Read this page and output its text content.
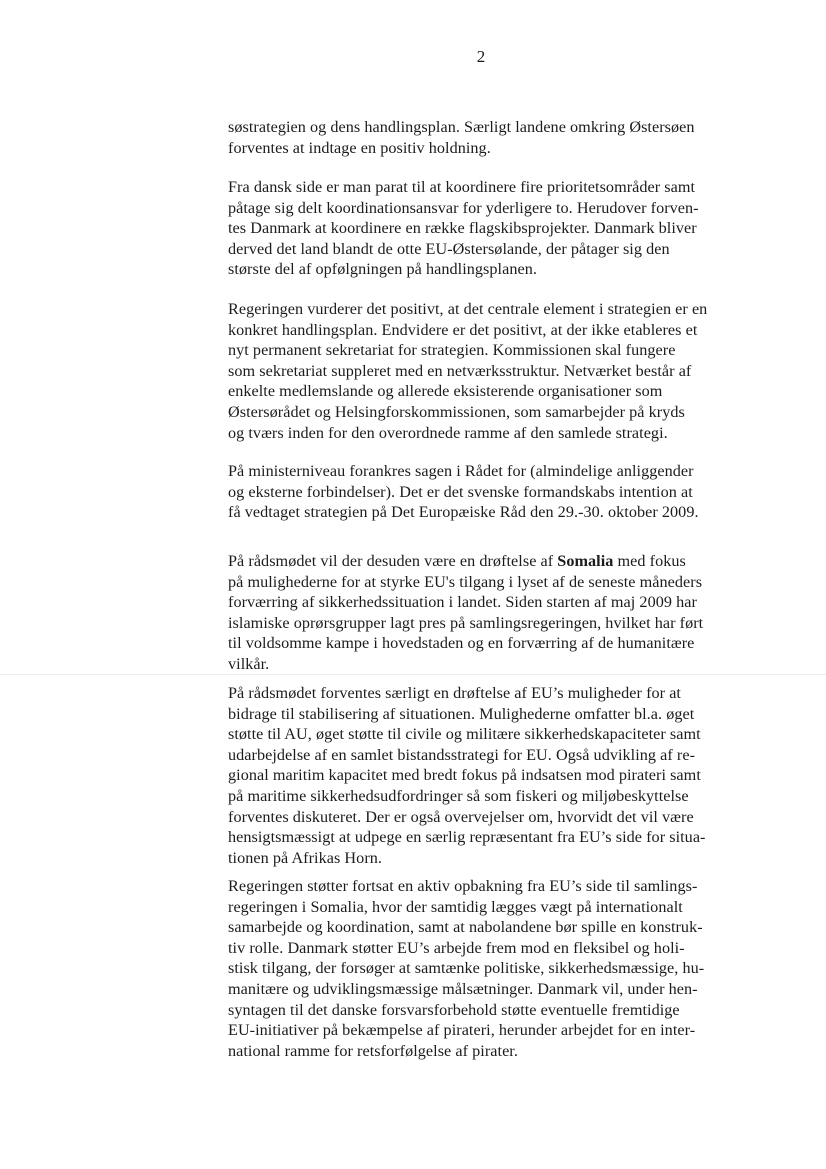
2

søstrategien og dens handlingsplan. Særligt landene omkring Østersøen
forventes at indtage en positiv holdning.

Fra dansk side er man parat til at koordinere fire prioritetsområder samt
påtage sig delt koordinationsansvar for yderligere to. Herudover forven-
tes Danmark at koordinere en række flagskibsprojekter. Danmark bliver
derved det land blandt de otte EU-Østersølande, der påtager sig den
største del af opfølgningen på handlingsplanen.

Regeringen vurderer det positivt, at det centrale element i strategien er en
konkret handlingsplan. Endvidere er det positivt, at der ikke etableres et
nyt permanent sekretariat for strategien. Kommissionen skal fungere
som sekretariat suppleret med en netværksstruktur. Netværket består af
enkelte medlemslande og allerede eksisterende organisationer som
Østersørådet og Helsingforskommissionen, som samarbejder på kryds
og tværs inden for den overordnede ramme af den samlede strategi.

På ministerniveau forankres sagen i Rådet for (almindelige anliggender
og eksterne forbindelser). Det er det svenske formandskabs intention at
få vedtaget strategien på Det Europæiske Råd den 29.-30. oktober 2009.

På rådsmødet vil der desuden være en drøftelse af Somalia med fokus
på mulighederne for at styrke EU's tilgang i lyset af de seneste måneders
forværring af sikkerhedssituation i landet. Siden starten af maj 2009 har
islamiske oprørsgrupper lagt pres på samlingsregeringen, hvilket har ført
til voldsomme kampe i hovedstaden og en forværring af de humanitære
vilkår.

På rådsmødet forventes særligt en drøftelse af EU’s muligheder for at
bidrage til stabilisering af situationen. Mulighederne omfatter bl.a. øget
støtte til AU, øget støtte til civile og militære sikkerhedskapaciteter samt
udarbejdelse af en samlet bistandsstrategi for EU. Også udvikling af re-
gional maritim kapacitet med bredt fokus på indsatsen mod pirateri samt
på maritime sikkerhedsudfordringer så som fiskeri og miljøbeskyttelse
forventes diskuteret. Der er også overvejelser om, hvorvidt det vil være
hensigtsmæssigt at udpege en særlig repræsentant fra EU’s side for situa-
tionen på Afrikas Horn.

Regeringen støtter fortsat en aktiv opbakning fra EU’s side til samlings-
regeringen i Somalia, hvor der samtidig lægges vægt på internationalt
samarbejde og koordination, samt at nabolandene bør spille en konstruk-
tiv rolle. Danmark støtter EU’s arbejde frem mod en fleksibel og holi-
stisk tilgang, der forsøger at samtænke politiske, sikkerhedsmæssige, hu-
manitære og udviklingsmæssige målsætninger. Danmark vil, under hen-
syntagen til det danske forsvarsforbehold støtte eventuelle fremtidige
EU-initiativer på bekæmpelse af pirateri, herunder arbejdet for en inter-
national ramme for retsforfølgelse af pirater.
